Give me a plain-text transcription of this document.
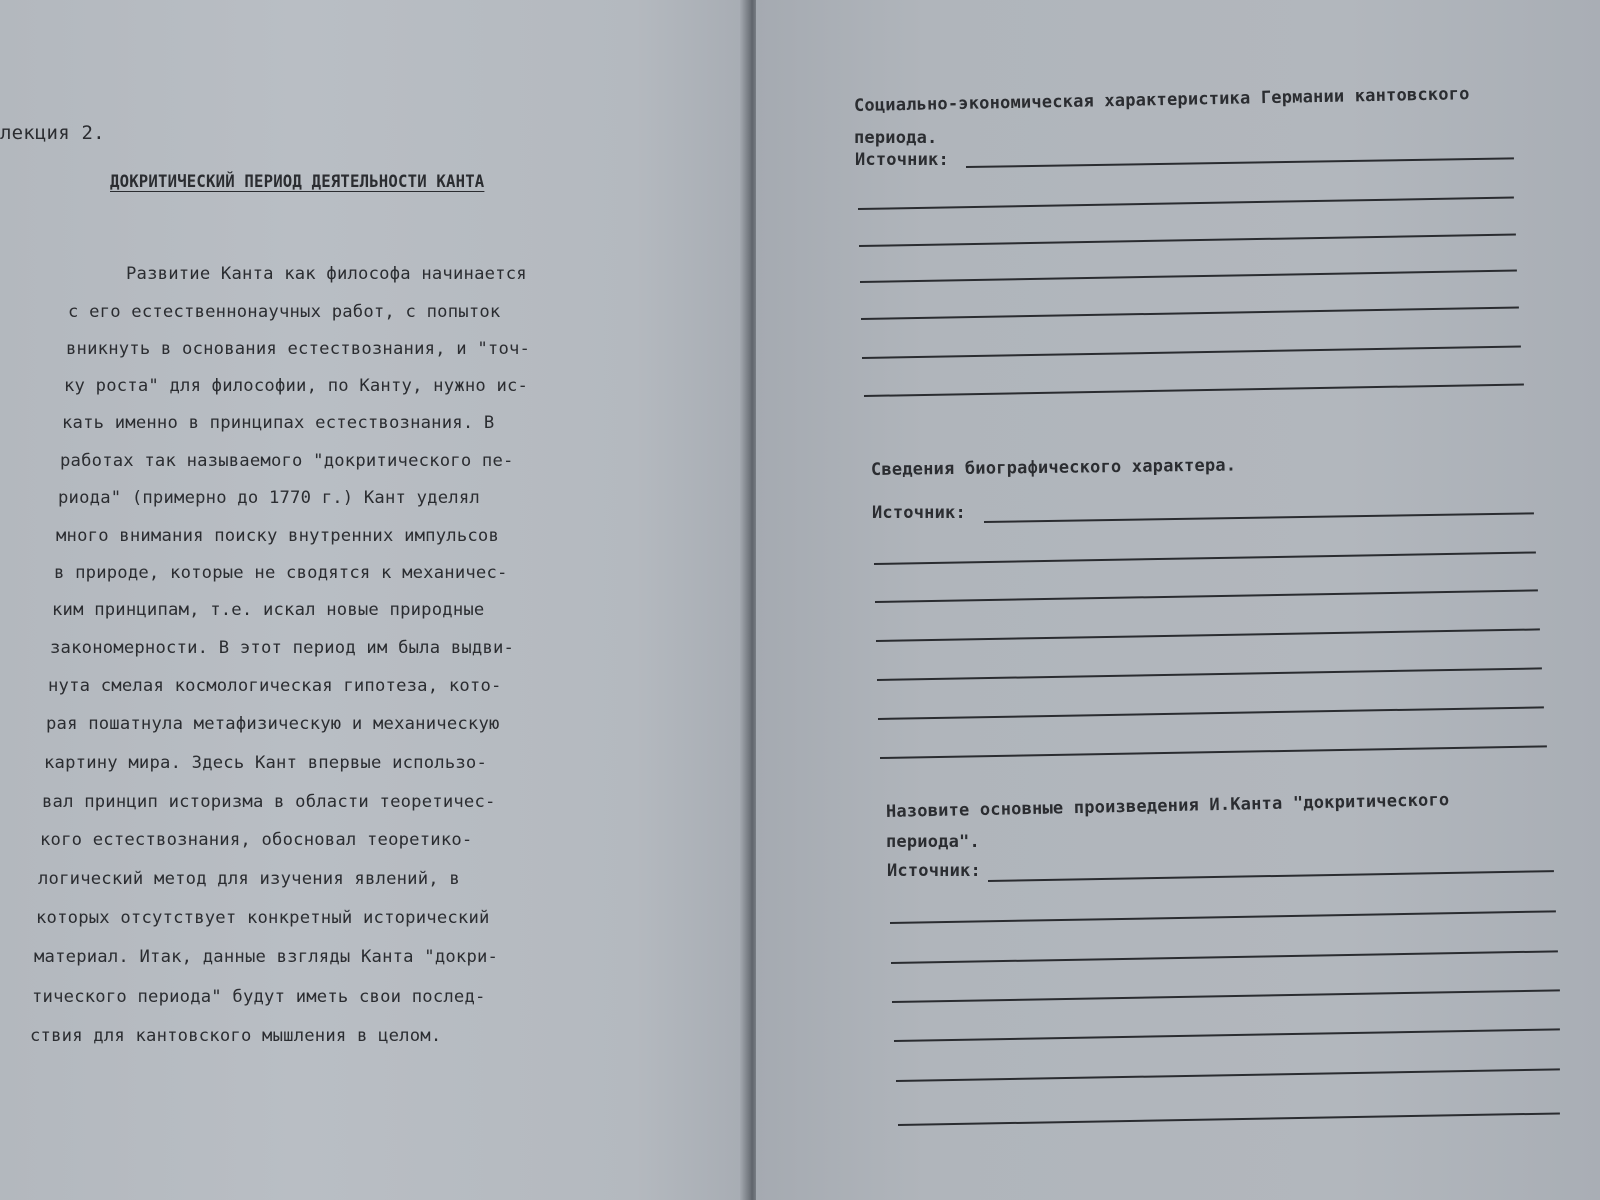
лекция 2.
ДОКРИТИЧЕСКИЙ ПЕРИОД ДЕЯТЕЛЬНОСТИ КАНТА
Развитие Канта как философа начинается
с его естественнонаучных работ, с попыток
вникнуть в основания естествознания, и "точ-
ку роста" для философии, по Канту, нужно ис-
кать именно в принципах естествознания. В
работах так называемого "докритического пе-
риода" (примерно до 1770 г.) Кант уделял
много внимания поиску внутренних импульсов
в природе, которые не сводятся к механичес-
ким принципам, т.е. искал новые природные
закономерности. В этот период им была выдви-
нута смелая космологическая гипотеза, кото-
рая пошатнула метафизическую и механическую
картину мира. Здесь Кант впервые использо-
вал принцип историзма в области теоретичес-
кого естествознания, обосновал теоретико-
логический метод для изучения явлений, в
которых отсутствует конкретный исторический
материал. Итак, данные взгляды Канта "докри-
тического периода" будут иметь свои послед-
ствия для кантовского мышления в целом.
Социально-экономическая характеристика Германии кантовского
периода.
Источник:
Сведения биографического характера.
Источник:
Назовите основные произведения И.Канта "докритического
периода".
Источник:
